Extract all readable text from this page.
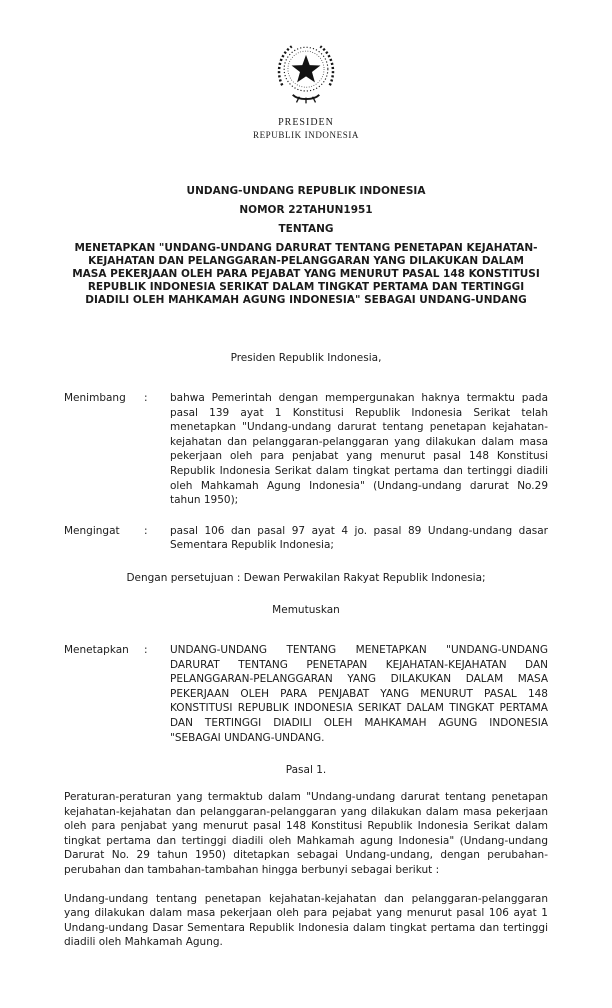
PRESIDEN
REPUBLIK INDONESIA
UNDANG-UNDANG REPUBLIK INDONESIA
NOMOR 22TAHUN1951
TENTANG
MENETAPKAN "UNDANG-UNDANG DARURAT TENTANG PENETAPAN KEJAHATAN-KEJAHATAN DAN PELANGGARAN-PELANGGARAN YANG DILAKUKAN DALAM MASA PEKERJAAN OLEH PARA PEJABAT YANG MENURUT PASAL 148 KONSTITUSI REPUBLIK INDONESIA SERIKAT DALAM TINGKAT PERTAMA DAN TERTINGGI DIADILI OLEH MAHKAMAH AGUNG INDONESIA" SEBAGAI UNDANG-UNDANG

Presiden Republik Indonesia,

Menimbang	:	bahwa Pemerintah dengan mempergunakan haknya termaktu pada pasal 139 ayat 1 Konstitusi Republik Indonesia Serikat telah menetapkan "Undang-undang darurat tentang penetapan kejahatan-kejahatan dan pelanggaran-pelanggaran yang dilakukan dalam masa pekerjaan oleh para penjabat yang menurut pasal 148 Konstitusi Republik Indonesia Serikat dalam tingkat pertama dan tertinggi diadili oleh Mahkamah Agung Indonesia" (Undang-undang darurat No.29 tahun 1950);
Mengingat	:	pasal 106 dan pasal 97 ayat 4 jo. pasal 89 Undang-undang dasar Sementara Republik Indonesia;

Dengan persetujuan : Dewan Perwakilan Rakyat Republik Indonesia;

Memutuskan

Menetapkan	:	UNDANG-UNDANG TENTANG MENETAPKAN "UNDANG-UNDANG DARURAT TENTANG PENETAPAN KEJAHATAN-KEJAHATAN DAN PELANGGARAN-PELANGGARAN YANG DILAKUKAN DALAM MASA PEKERJAAN OLEH PARA PENJABAT YANG MENURUT PASAL 148 KONSTITUSI REPUBLIK INDONESIA SERIKAT DALAM TINGKAT PERTAMA DAN TERTINGGI DIADILI OLEH MAHKAMAH AGUNG INDONESIA "SEBAGAI UNDANG-UNDANG.

Pasal 1.

Peraturan-peraturan yang termaktub dalam "Undang-undang darurat tentang penetapan kejahatan-kejahatan dan pelanggaran-pelanggaran yang dilakukan dalam masa pekerjaan oleh para penjabat yang menurut pasal 148 Konstitusi Republik Indonesia Serikat dalam tingkat pertama dan tertinggi diadili oleh Mahkamah agung Indonesia" (Undang-undang Darurat No. 29 tahun 1950) ditetapkan sebagai Undang-undang, dengan perubahan-perubahan dan tambahan-tambahan hingga berbunyi sebagai berikut :

Undang-undang tentang penetapan kejahatan-kejahatan dan pelanggaran-pelanggaran yang dilakukan dalam masa pekerjaan oleh para pejabat yang menurut pasal 106 ayat 1 Undang-undang Dasar Sementara Republik Indonesia dalam tingkat pertama dan tertinggi diadili oleh Mahkamah Agung.
